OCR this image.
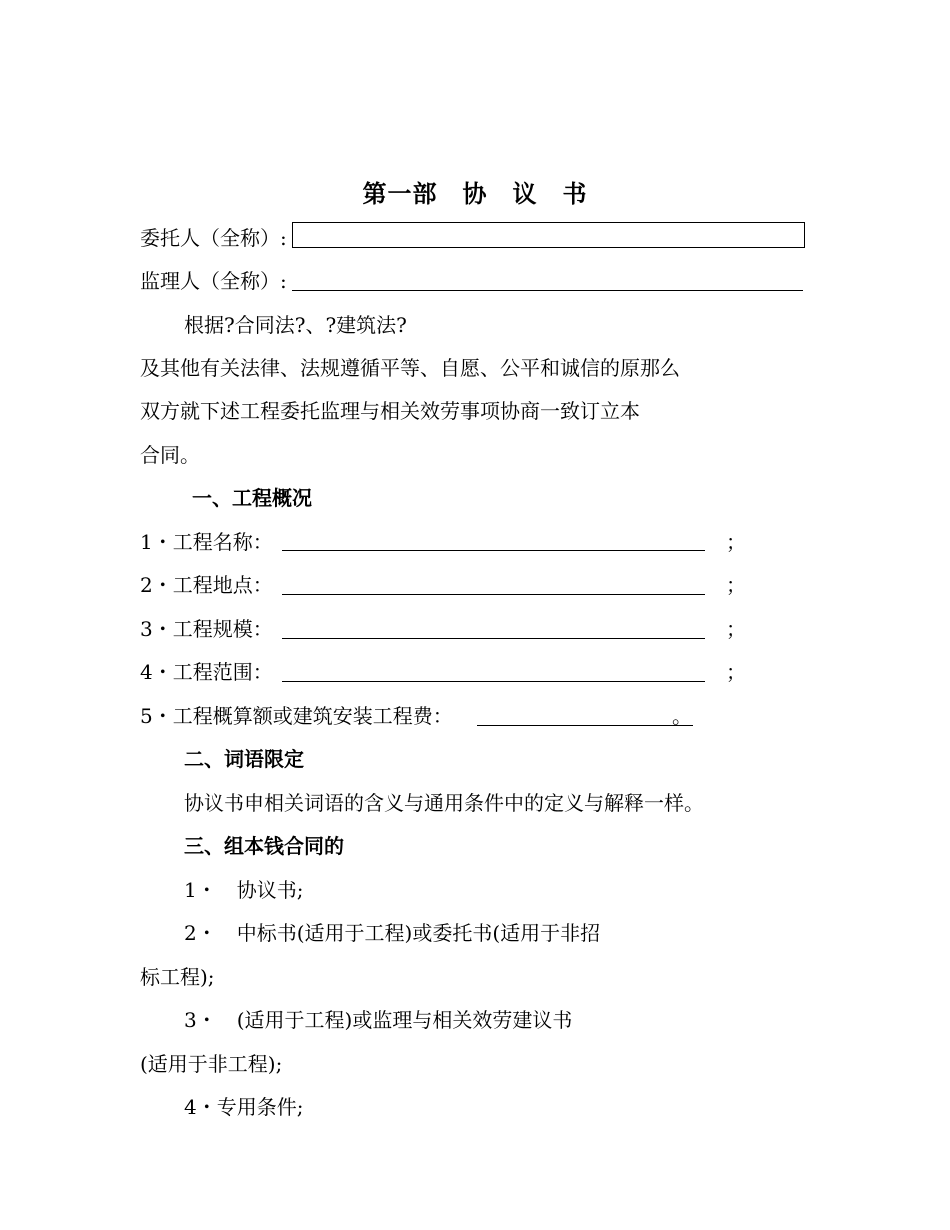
第一部　协　议　书
委托人（全称）:
监理人（全称）:
根据?合同法?、?建筑法?
及其他有关法律、法规遵循平等、自愿、公平和诚信的原那么
双方就下述工程委托监理与相关效劳事项协商一致订立本
合同。
一、工程概况
1・工程名称：	；
2・工程地点：	；
3・工程规模：	；
4・工程范围：	；
5・工程概算额或建筑安装工程费：	。
二、词语限定
协议书申相关词语的含义与通用条件中的定义与解释一样。
三、组本钱合同的
1・　协议书;
2・　中标书(适用于工程)或委托书(适用于非招
标工程);
3・　(适用于工程)或监理与相关效劳建议书
(适用于非工程);
4・专用条件;
